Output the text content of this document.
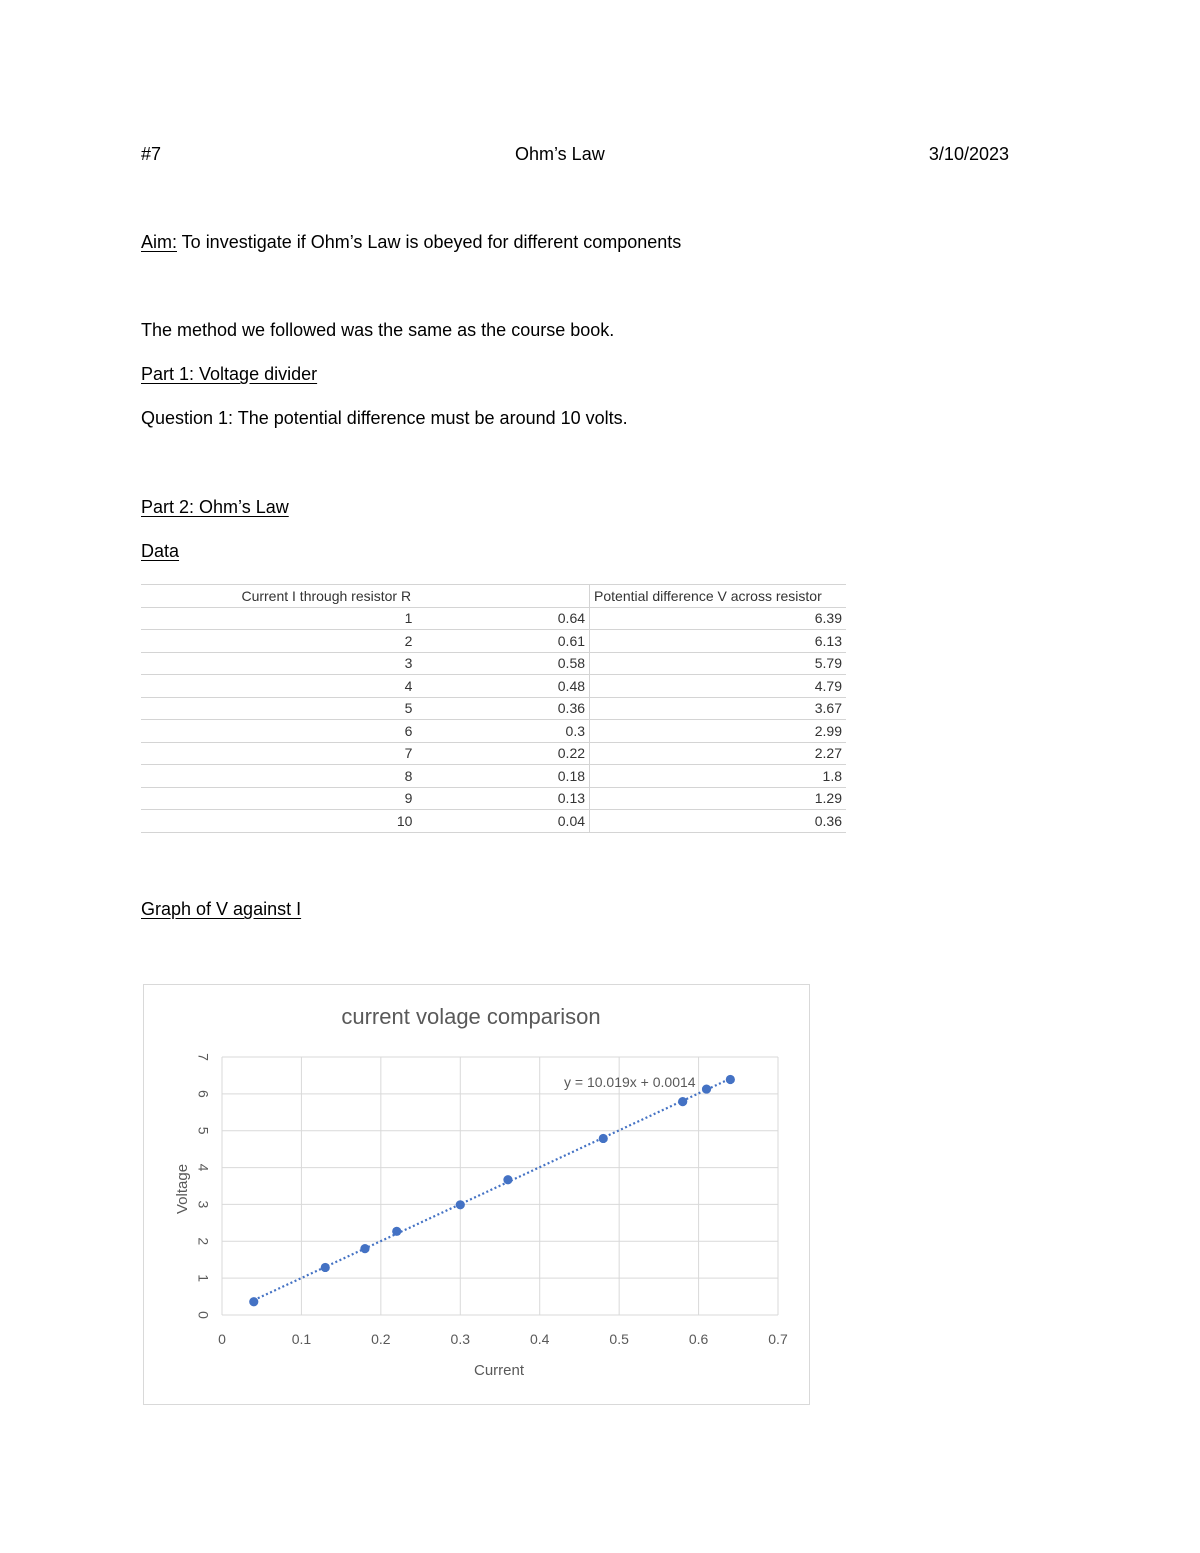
#7	Ohm’s Law	3/10/2023
Aim: To investigate if Ohm’s Law is obeyed for different components
The method we followed was the same as the course book.
Part 1: Voltage divider
Question 1: The potential difference must be around 10 volts.
Part 2: Ohm’s Law
Data
	Current I through resistor R		Potential difference V across resistor
	1	0.64	6.39
	2	0.61	6.13
	3	0.58	5.79
	4	0.48	4.79
	5	0.36	3.67
	6	0.3	2.99
	7	0.22	2.27
	8	0.18	1.8
	9	0.13	1.29
	10	0.04	0.36
Graph of V against I
current volage comparison
0
1
2
3
4
5
6
7
0	0.1	0.2	0.3	0.4	0.5	0.6	0.7
Current
Voltage
y = 10.019x + 0.0014
